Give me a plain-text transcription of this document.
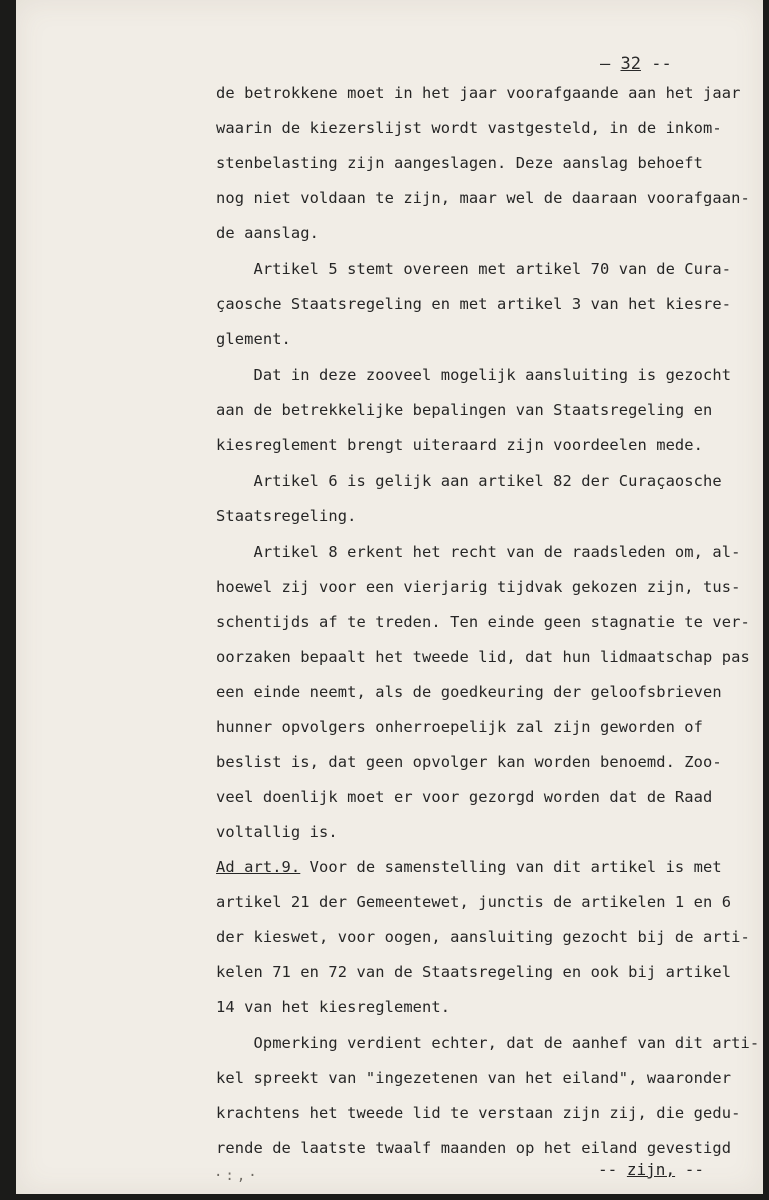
— 32 --
de betrokkene moet in het jaar voorafgaande aan het jaar
waarin de kiezerslijst wordt vastgesteld, in de inkom-
stenbelasting zijn aangeslagen. Deze aanslag behoeft
nog niet voldaan te zijn, maar wel de daaraan voorafgaan-
de aanslag.
Artikel 5 stemt overeen met artikel 70 van de Cura-
çaosche Staatsregeling en met artikel 3 van het kiesre-
glement.
Dat in deze zooveel mogelijk aansluiting is gezocht
aan de betrekkelijke bepalingen van Staatsregeling en
kiesreglement brengt uiteraard zijn voordeelen mede.
Artikel 6 is gelijk aan artikel 82 der Curaçaosche
Staatsregeling.
Artikel 8 erkent het recht van de raadsleden om, al-
hoewel zij voor een vierjarig tijdvak gekozen zijn, tus-
schentijds af te treden. Ten einde geen stagnatie te ver-
oorzaken bepaalt het tweede lid, dat hun lidmaatschap pas
een einde neemt, als de goedkeuring der geloofsbrieven
hunner opvolgers onherroepelijk zal zijn geworden of
beslist is, dat geen opvolger kan worden benoemd. Zoo-
veel doenlijk moet er voor gezorgd worden dat de Raad
voltallig is.
Ad art.9. Voor de samenstelling van dit artikel is met
artikel 21 der Gemeentewet, junctis de artikelen 1 en 6
der kieswet, voor oogen, aansluiting gezocht bij de arti-
kelen 71 en 72 van de Staatsregeling en ook bij artikel
14 van het kiesreglement.
Opmerking verdient echter, dat de aanhef van dit arti-
kel spreekt van "ingezetenen van het eiland", waaronder
krachtens het tweede lid te verstaan zijn zij, die gedu-
rende de laatste twaalf maanden op het eiland gevestigd
·:,·	-- zijn, --
